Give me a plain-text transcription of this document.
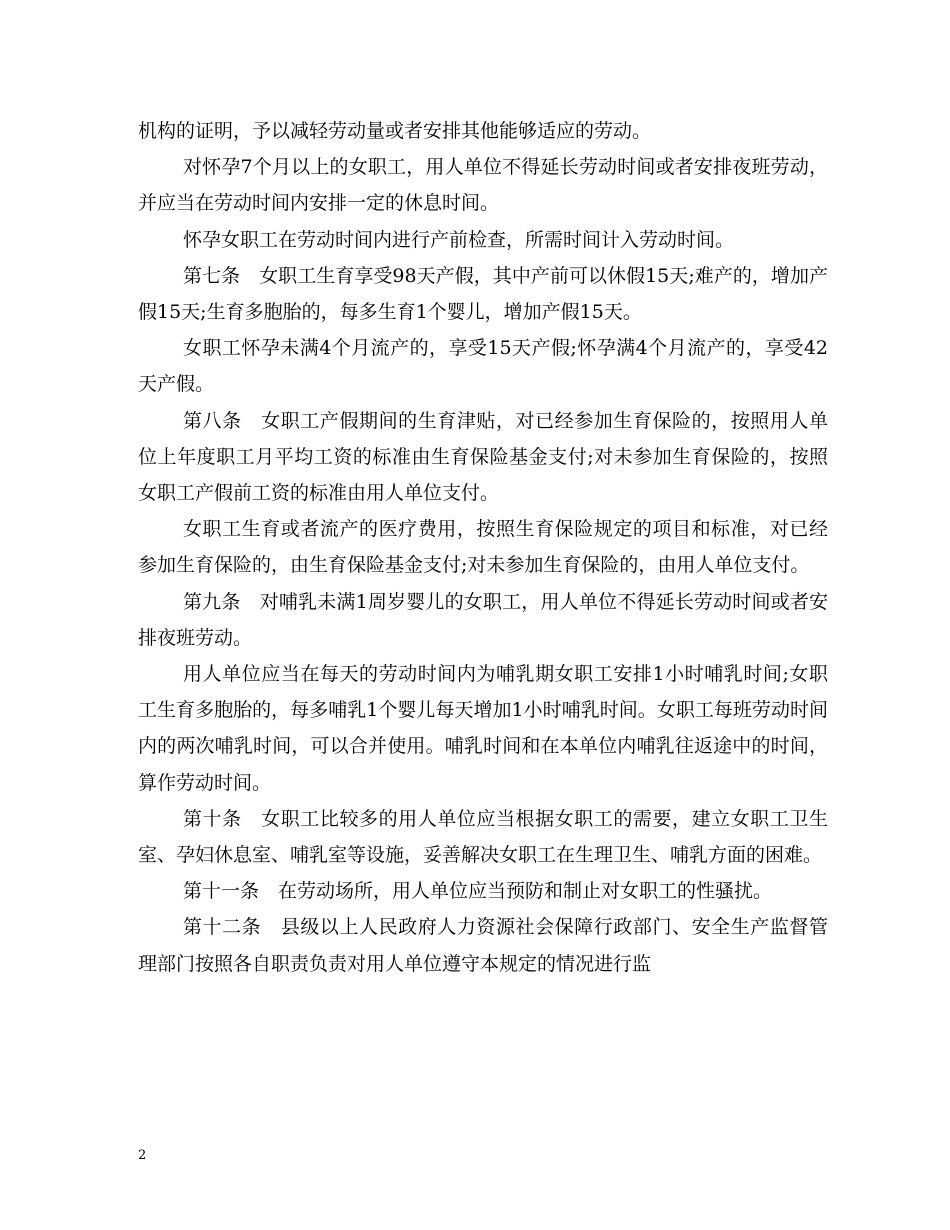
机构的证明，予以减轻劳动量或者安排其他能够适应的劳动。

对怀孕7个月以上的女职工，用人单位不得延长劳动时间或者安排夜班劳动，并应当在劳动时间内安排一定的休息时间。

怀孕女职工在劳动时间内进行产前检查，所需时间计入劳动时间。

第七条　女职工生育享受98天产假，其中产前可以休假15天;难产的，增加产假15天;生育多胞胎的，每多生育1个婴儿，增加产假15天。

女职工怀孕未满4个月流产的，享受15天产假;怀孕满4个月流产的，享受42天产假。

第八条　女职工产假期间的生育津贴，对已经参加生育保险的，按照用人单位上年度职工月平均工资的标准由生育保险基金支付;对未参加生育保险的，按照女职工产假前工资的标准由用人单位支付。

女职工生育或者流产的医疗费用，按照生育保险规定的项目和标准，对已经参加生育保险的，由生育保险基金支付;对未参加生育保险的，由用人单位支付。

第九条　对哺乳未满1周岁婴儿的女职工，用人单位不得延长劳动时间或者安排夜班劳动。

用人单位应当在每天的劳动时间内为哺乳期女职工安排1小时哺乳时间;女职工生育多胞胎的，每多哺乳1个婴儿每天增加1小时哺乳时间。女职工每班劳动时间内的两次哺乳时间，可以合并使用。哺乳时间和在本单位内哺乳往返途中的时间，算作劳动时间。

第十条　女职工比较多的用人单位应当根据女职工的需要，建立女职工卫生室、孕妇休息室、哺乳室等设施，妥善解决女职工在生理卫生、哺乳方面的困难。

第十一条　在劳动场所，用人单位应当预防和制止对女职工的性骚扰。

第十二条　县级以上人民政府人力资源社会保障行政部门、安全生产监督管理部门按照各自职责负责对用人单位遵守本规定的情况进行监

2
